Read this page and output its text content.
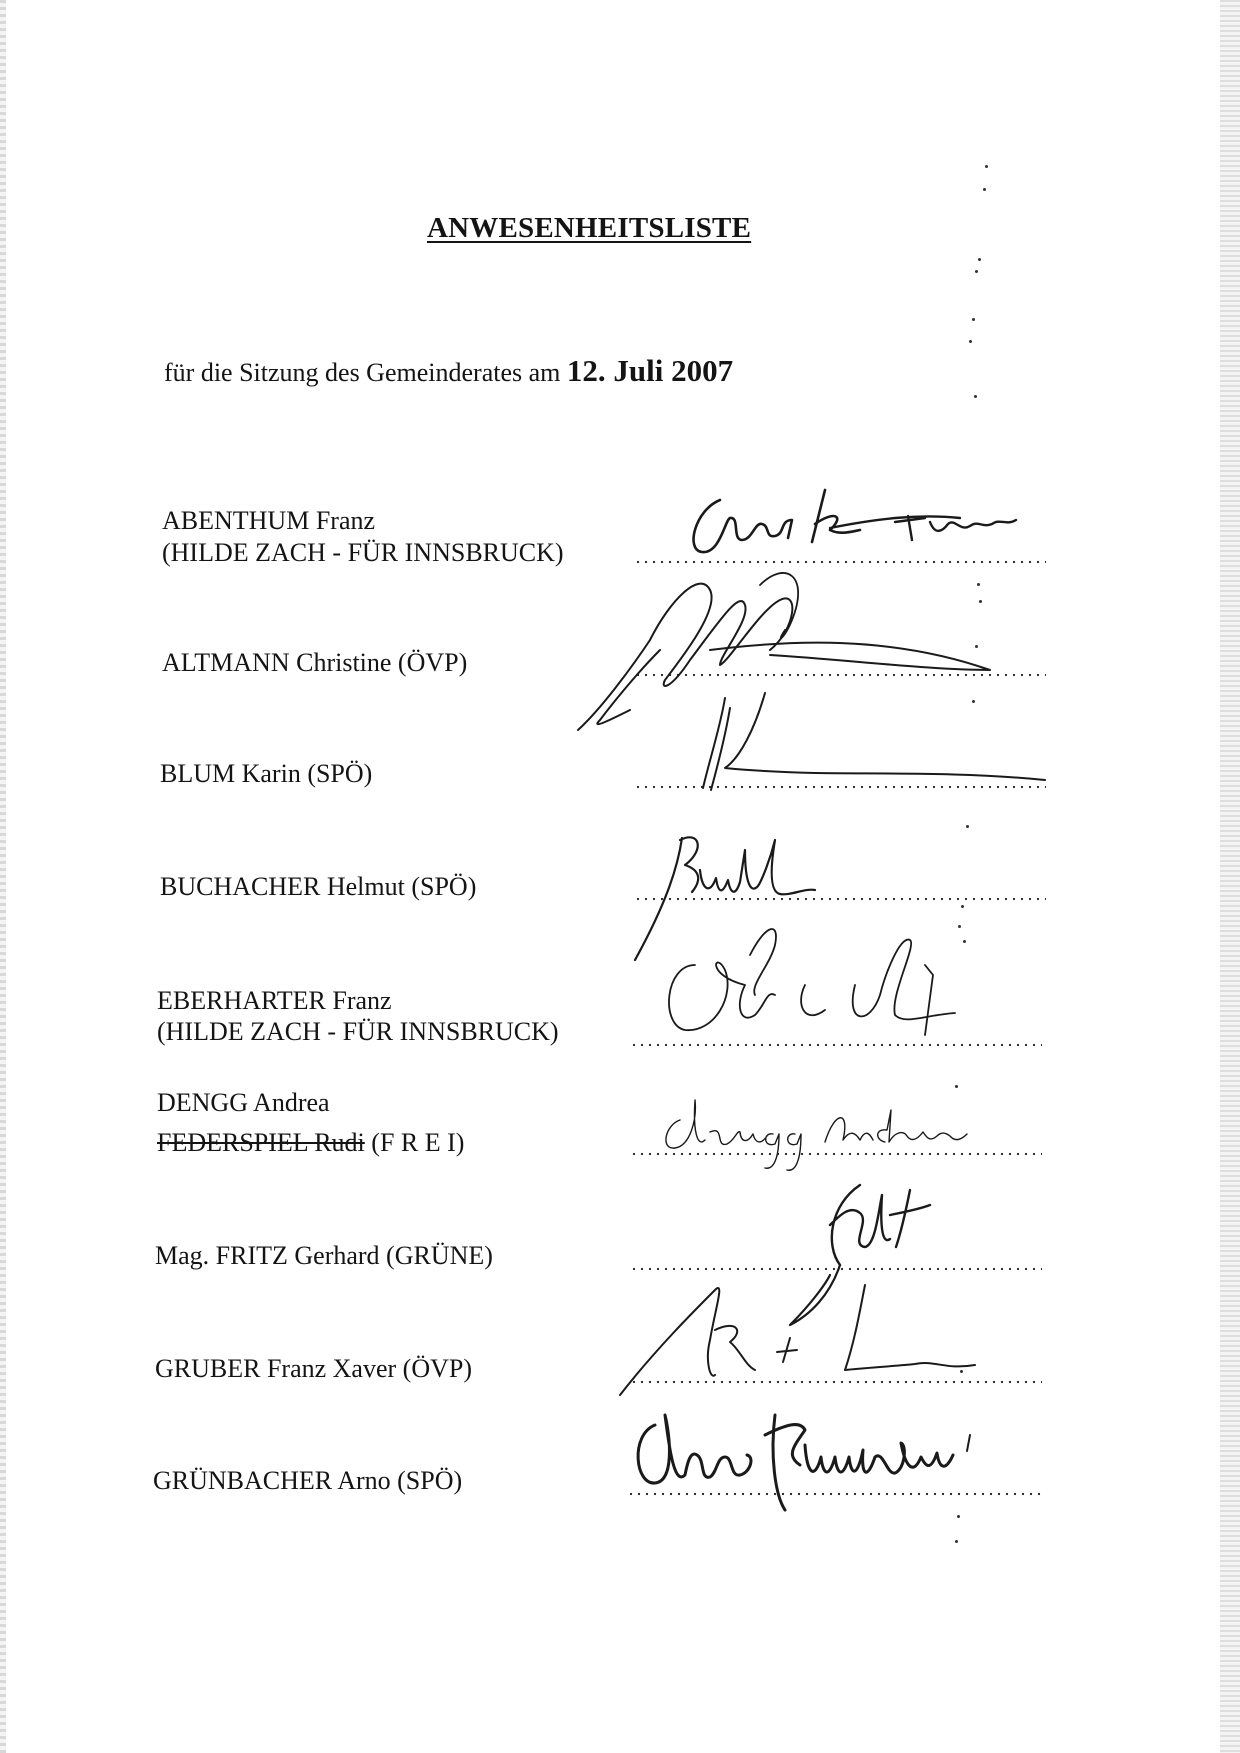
ANWESENHEITSLISTE
für die Sitzung des Gemeinderates am 12. Juli 2007
ABENTHUM Franz
(HILDE ZACH - FÜR INNSBRUCK)
ALTMANN Christine (ÖVP)
BLUM Karin (SPÖ)
BUCHACHER Helmut (SPÖ)
EBERHARTER Franz
(HILDE ZACH - FÜR INNSBRUCK)
DENGG Andrea
FEDERSPIEL Rudi (F R E I)
Mag. FRITZ Gerhard (GRÜNE)
GRUBER Franz Xaver (ÖVP)
GRÜNBACHER Arno (SPÖ)
